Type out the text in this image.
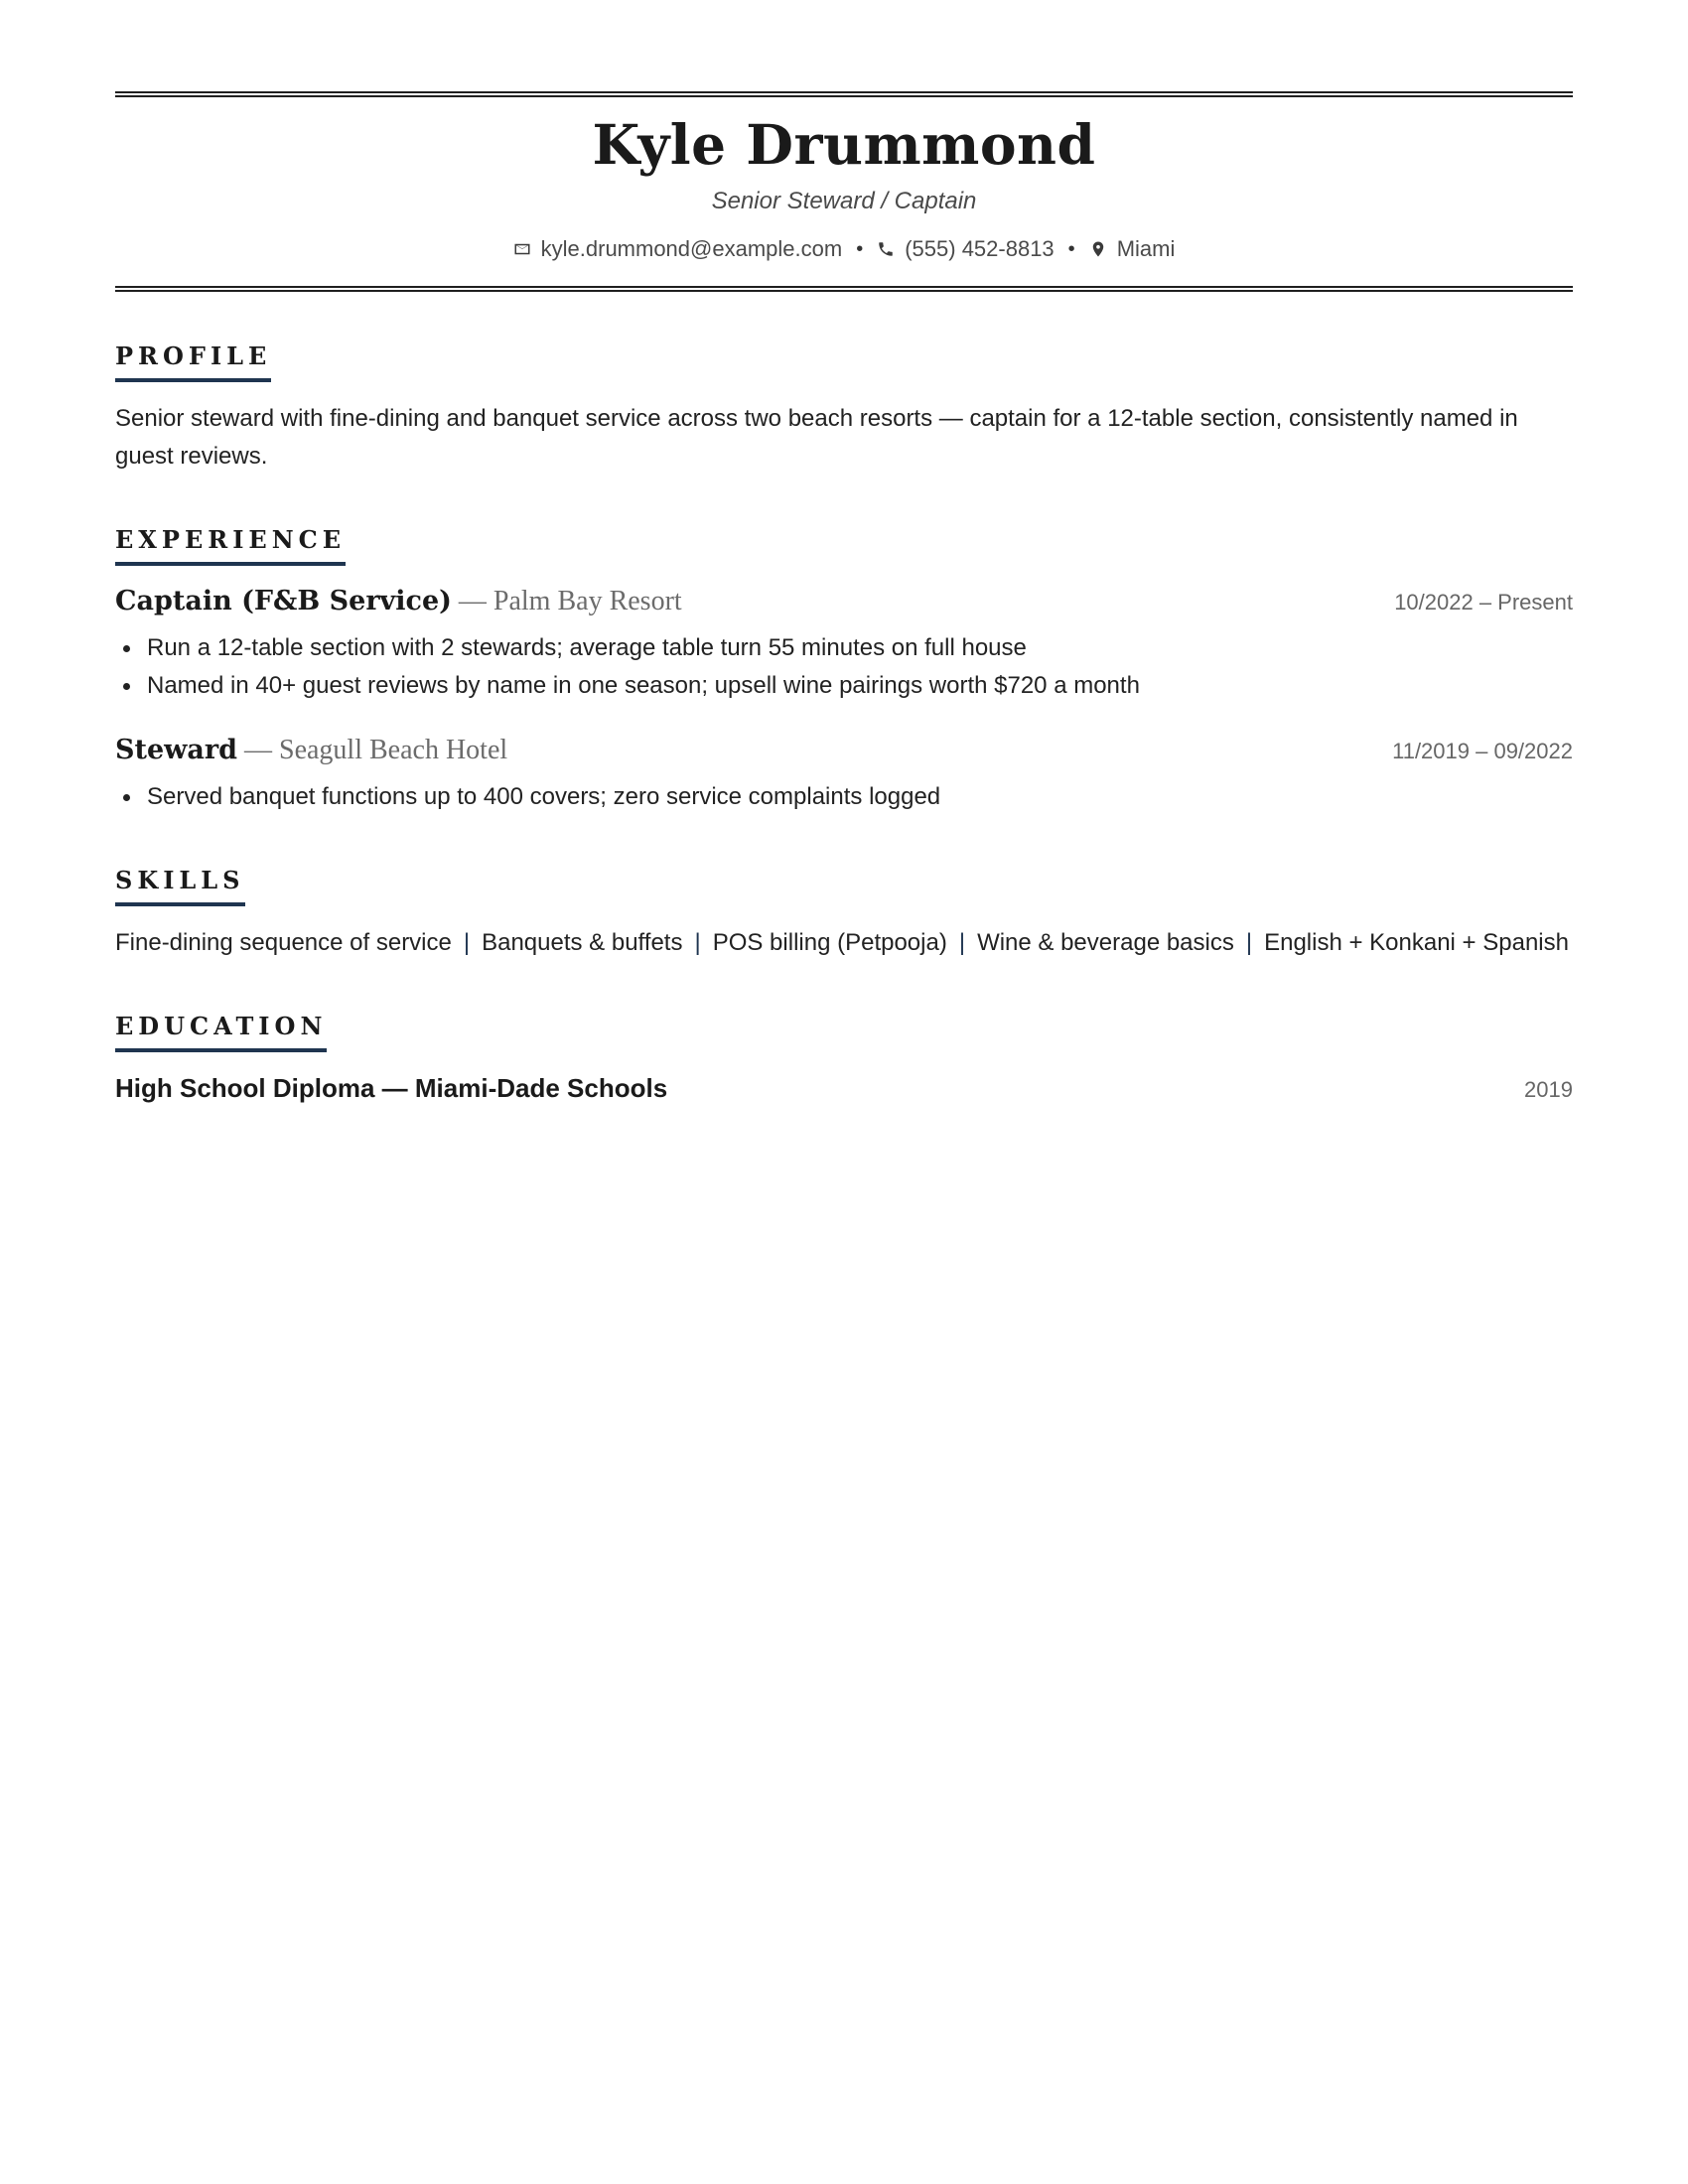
Kyle Drummond
Senior Steward / Captain
kyle.drummond@example.com • (555) 452-8813 • Miami
PROFILE

Senior steward with fine-dining and banquet service across two beach resorts — captain for a 12-table section, consistently named in guest reviews.

EXPERIENCE
Captain (F&B Service) — Palm Bay Resort	10/2022 – Present
Run a 12-table section with 2 stewards; average table turn 55 minutes on full house
Named in 40+ guest reviews by name in one season; upsell wine pairings worth $720 a month
Steward — Seagull Beach Hotel	11/2019 – 09/2022
Served banquet functions up to 400 covers; zero service complaints logged
SKILLS

Fine-dining sequence of service | Banquets & buffets | POS billing (Petpooja) | Wine & beverage basics | English + Konkani + Spanish

EDUCATION
High School Diploma — Miami-Dade Schools	2019
